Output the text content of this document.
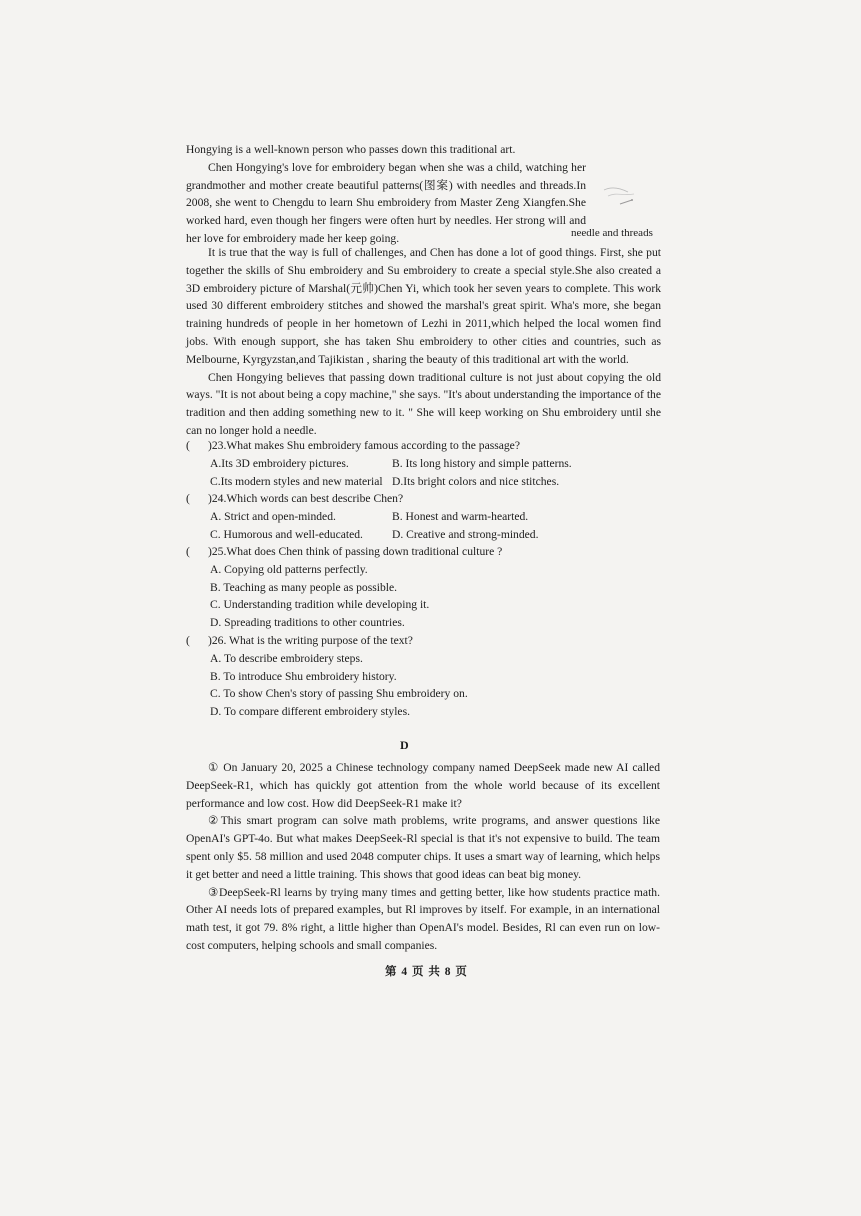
Hongying is a well-known person who passes down this traditional art.

Chen Hongying's love for embroidery began when she was a child, watching her grandmother and mother create beautiful patterns(图案) with needles and threads.In 2008, she went to Chengdu to learn Shu embroidery from Master Zeng Xiangfen.She worked hard, even though her fingers were often hurt by needles. Her strong will and her love for embroidery made her keep going.	needle and threads

It is true that the way is full of challenges, and Chen has done a lot of good things. First, she put together the skills of Shu embroidery and Su embroidery to create a special style.She also created a 3D embroidery picture of Marshal(元帅)Chen Yi, which took her seven years to complete. This work used 30 different embroidery stitches and showed the marshal's great spirit. Wha's more, she began training hundreds of people in her hometown of Lezhi in 2011,which helped the local women find jobs. With enough support, she has taken Shu embroidery to other cities and countries, such as Melbourne, Kyrgyzstan,and Tajikistan , sharing the beauty of this traditional art with the world.

Chen Hongying believes that passing down traditional culture is not just about copying the old ways. "It is not about being a copy machine," she says. "It's about understanding the importance of the tradition and then adding something new to it. " She will keep working on Shu embroidery until she can no longer hold a needle.

(	)23.What makes Shu embroidery famous according to the passage?
A.Its 3D embroidery pictures.	B. Its long history and simple patterns.
C.Its modern styles and new material D.Its bright colors and nice stitches.
(	)24.Which words can best describe Chen?
A. Strict and open-minded.	B. Honest and warm-hearted.
C. Humorous and well-educated.	D. Creative and strong-minded.
(	)25.What does Chen think of passing down traditional culture ?
A. Copying old patterns perfectly.
B. Teaching as many people as possible.
C. Understanding tradition while developing it.
D. Spreading traditions to other countries.
(	)26. What is the writing purpose of the text?
A. To describe embroidery steps.
B. To introduce Shu embroidery history.
C. To show Chen's story of passing Shu embroidery on.
D. To compare different embroidery styles.
D

① On January 20, 2025 a Chinese technology company named DeepSeek made new AI called DeepSeek-R1, which has quickly got attention from the whole world because of its excellent performance and low cost. How did DeepSeek-R1 make it?

②This smart program can solve math problems, write programs, and answer questions like OpenAI's GPT-4o. But what makes DeepSeek-Rl special is that it's not expensive to build. The team spent only $5. 58 million and used 2048 computer chips. It uses a smart way of learning, which helps it get better and need a little training. This shows that good ideas can beat big money.

③DeepSeek-Rl learns by trying many times and getting better, like how students practice math. Other AI needs lots of prepared examples, but Rl improves by itself. For example, in an international math test, it got 79. 8% right, a little higher than OpenAI's model. Besides, Rl can even run on low-cost computers, helping schools and small companies.

第 4 页 共 8 页
